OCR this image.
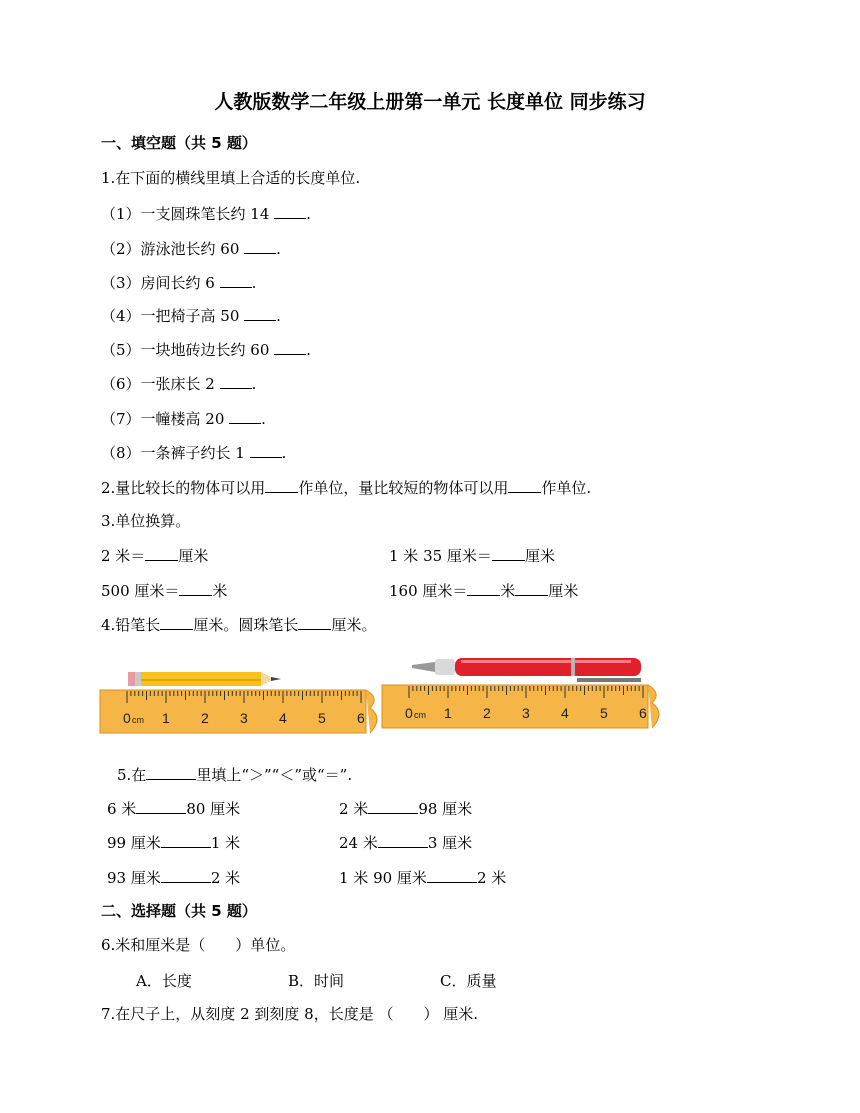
人教版数学二年级上册第一单元 长度单位 同步练习
一、填空题（共 5 题）
1.在下面的横线里填上合适的长度单位.
（1）一支圆珠笔长约 14 .
（2）游泳池长约 60 .
（3）房间长约 6 .
（4）一把椅子高 50 .
（5）一块地砖边长约 60 .
（6）一张床长 2 .
（7）一幢楼高 20 .
（8）一条裤子约长 1 .
2.量比较长的物体可以用 作单位，量比较短的物体可以用 作单位.
3.单位换算。
2 米＝ 厘米	1 米 35 厘米＝ 厘米
500 厘米＝ 米	160 厘米＝ 米 厘米
4.铅笔长 厘米。圆珠笔长 厘米。
0 cm 1 2 3 4 5 6	0 cm 1 2 3 4 5 6
5.在	里填上“＞”“＜”或“＝”.
6 米	80 厘米	2 米	98 厘米
99 厘米	1 米	24 米	3 厘米
93 厘米	2 米	1 米 90 厘米	2 米
二、选择题（共 5 题）
6.米和厘米是（　　）单位。
A．长度	B．时间	C．质量
7.在尺子上，从刻度 2 到刻度 8，长度是 （　　） 厘米.
